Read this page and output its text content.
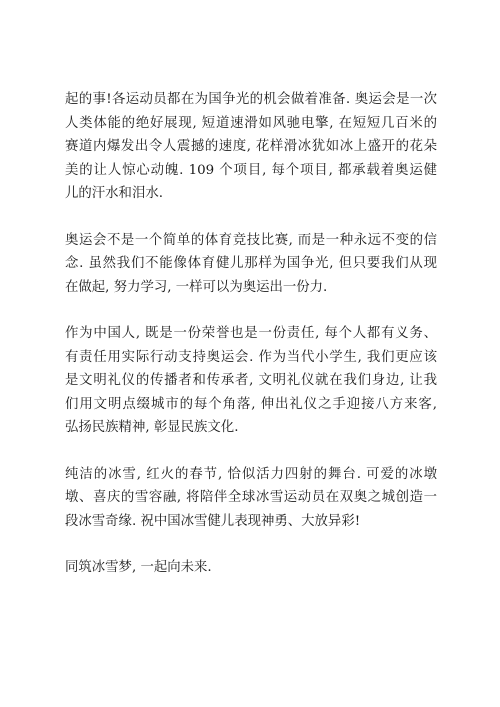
起的事!各运动员都在为国争光的机会做着准备. 奥运会是一次
人类体能的绝好展现, 短道速滑如风驰电擎, 在短短几百米的
赛道内爆发出令人震撼的速度, 花样滑冰犹如冰上盛开的花朵
美的让人惊心动魄. 109 个项目, 每个项目, 都承载着奥运健
儿的汗水和泪水.

奥运会不是一个简单的体育竞技比赛, 而是一种永远不变的信
念. 虽然我们不能像体育健儿那样为国争光, 但只要我们从现
在做起, 努力学习, 一样可以为奥运出一份力.

作为中国人, 既是一份荣誉也是一份责任, 每个人都有义务、
有责任用实际行动支持奥运会. 作为当代小学生, 我们更应该
是文明礼仪的传播者和传承者, 文明礼仪就在我们身边, 让我
们用文明点缀城市的每个角落, 伸出礼仪之手迎接八方来客,
弘扬民族精神, 彰显民族文化.

纯洁的冰雪, 红火的春节, 恰似活力四射的舞台. 可爱的冰墩
墩、喜庆的雪容融, 将陪伴全球冰雪运动员在双奥之城创造一
段冰雪奇缘. 祝中国冰雪健儿表现神勇、大放异彩!

同筑冰雪梦, 一起向未来.
